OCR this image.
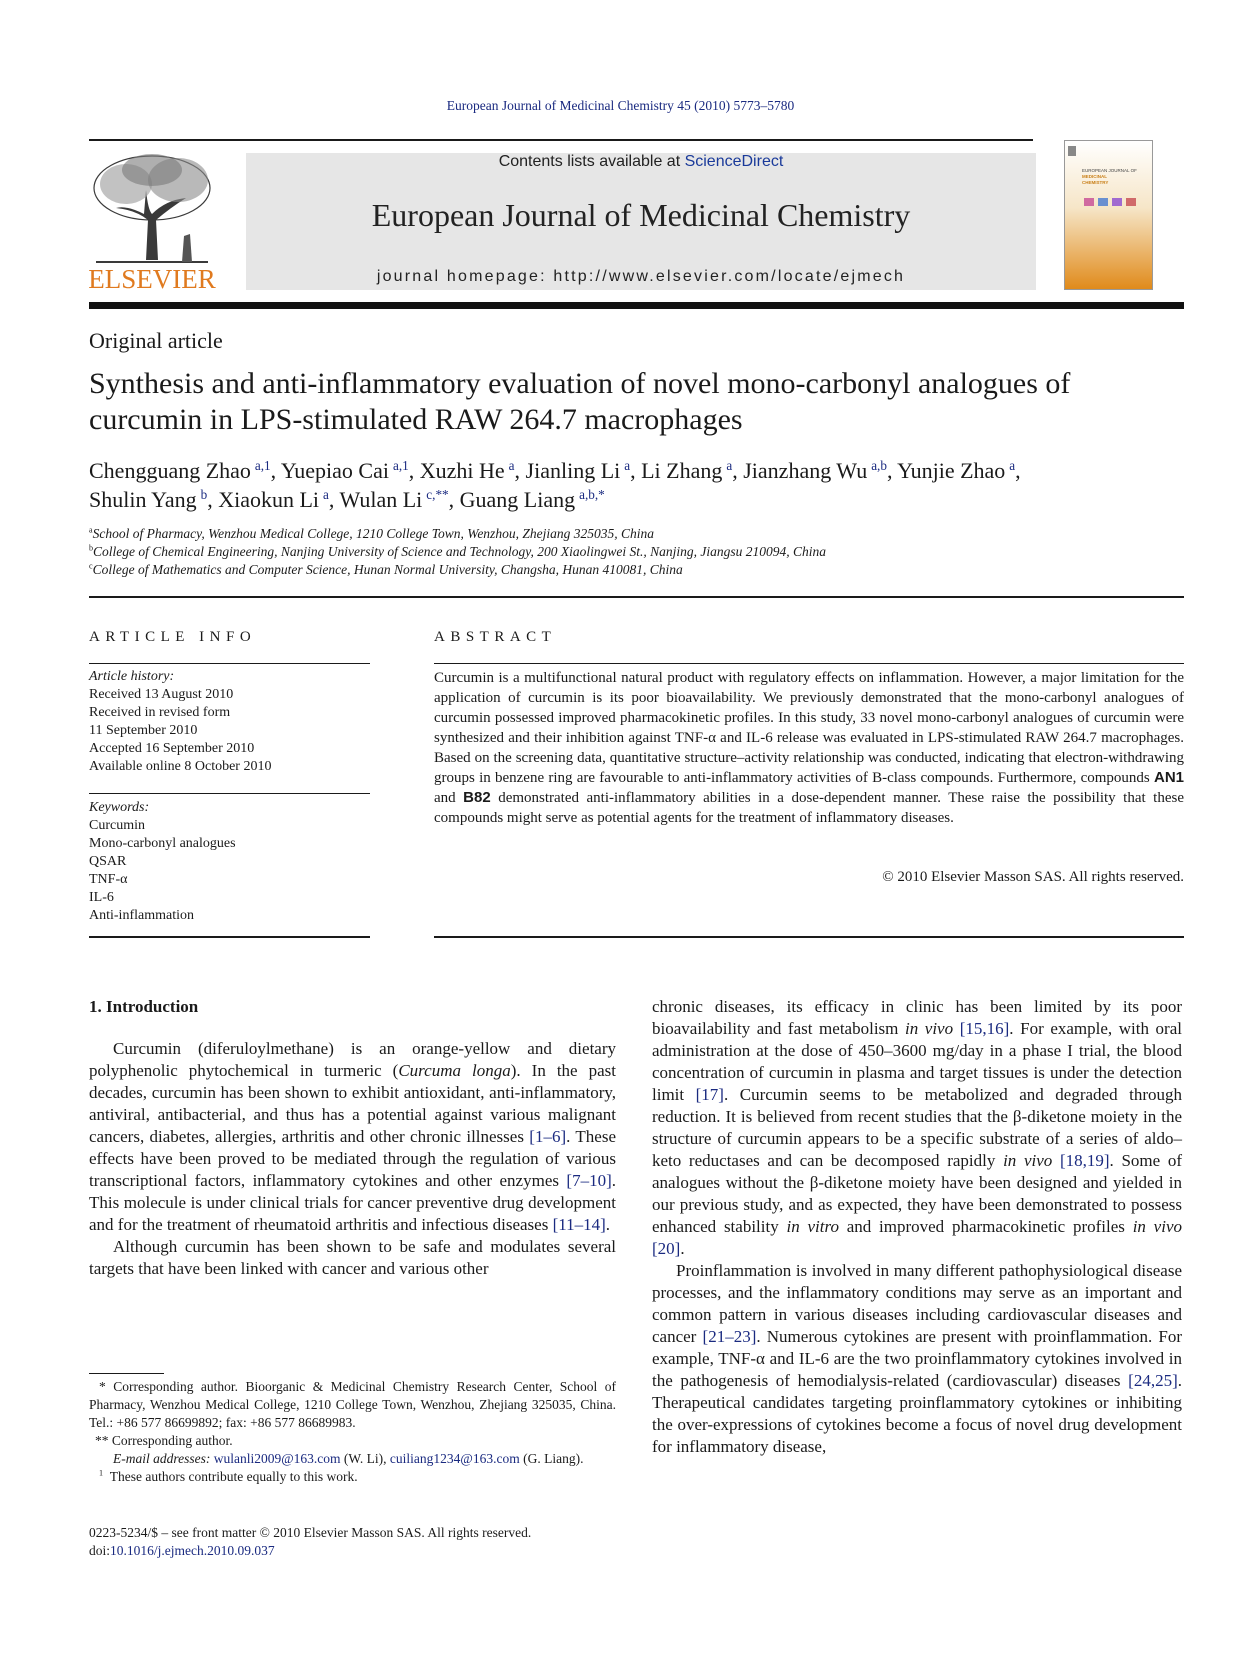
European Journal of Medicinal Chemistry 45 (2010) 5773–5780
ELSEVIER
Contents lists available at ScienceDirect
European Journal of Medicinal Chemistry
journal homepage: http://www.elsevier.com/locate/ejmech
EUROPEAN JOURNAL OF
MEDICINAL
CHEMISTRY
Original article
Synthesis and anti-inflammatory evaluation of novel mono-carbonyl analogues of curcumin in LPS-stimulated RAW 264.7 macrophages
Chengguang Zhao $^{a,1}$, Yuepiao Cai $^{a,1}$, Xuzhi He $^a$, Jianling Li $^a$, Li Zhang $^a$, Jianzhang Wu $^{a,b}$, Yunjie Zhao $^a$,
Shulin Yang $^b$, Xiaokun Li $^a$, Wulan Li $^{c,**}$, Guang Liang $^{a,b,*}$
$^a$School of Pharmacy, Wenzhou Medical College, 1210 College Town, Wenzhou, Zhejiang 325035, China
$^b$College of Chemical Engineering, Nanjing University of Science and Technology, 200 Xiaolingwei St., Nanjing, Jiangsu 210094, China
$^c$College of Mathematics and Computer Science, Hunan Normal University, Changsha, Hunan 410081, China
ARTICLE INFO	ABSTRACT
Article history:
Received 13 August 2010
Received in revised form
11 September 2010
Accepted 16 September 2010
Available online 8 October 2010
Keywords:
Curcumin
Mono-carbonyl analogues
QSAR
TNF-α
IL-6
Anti-inflammation
Curcumin is a multifunctional natural product with regulatory effects on inflammation. However, a major limitation for the application of curcumin is its poor bioavailability. We previously demonstrated that the mono-carbonyl analogues of curcumin possessed improved pharmacokinetic profiles. In this study, 33 novel mono-carbonyl analogues of curcumin were synthesized and their inhibition against TNF-α and IL-6 release was evaluated in LPS-stimulated RAW 264.7 macrophages. Based on the screening data, quantitative structure–activity relationship was conducted, indicating that electron-withdrawing groups in benzene ring are favourable to anti-inflammatory activities of B-class compounds. Furthermore, compounds AN1 and B82 demonstrated anti-inflammatory abilities in a dose-dependent manner. These raise the possibility that these compounds might serve as potential agents for the treatment of inflammatory diseases.
© 2010 Elsevier Masson SAS. All rights reserved.
1. Introduction

Curcumin (diferuloylmethane) is an orange-yellow and dietary polyphenolic phytochemical in turmeric (Curcuma longa). In the past decades, curcumin has been shown to exhibit antioxidant, anti-inflammatory, antiviral, antibacterial, and thus has a potential against various malignant cancers, diabetes, allergies, arthritis and other chronic illnesses [1–6]. These effects have been proved to be mediated through the regulation of various transcriptional factors, inflammatory cytokines and other enzymes [7–10]. This molecule is under clinical trials for cancer preventive drug development and for the treatment of rheumatoid arthritis and infectious diseases [11–14].

Although curcumin has been shown to be safe and modulates several targets that have been linked with cancer and various other

chronic diseases, its efficacy in clinic has been limited by its poor bioavailability and fast metabolism in vivo [15,16]. For example, with oral administration at the dose of 450–3600 mg/day in a phase I trial, the blood concentration of curcumin in plasma and target tissues is under the detection limit [17]. Curcumin seems to be metabolized and degraded through reduction. It is believed from recent studies that the β-diketone moiety in the structure of curcumin appears to be a specific substrate of a series of aldo–keto reductases and can be decomposed rapidly in vivo [18,19]. Some of analogues without the β-diketone moiety have been designed and yielded in our previous study, and as expected, they have been demonstrated to possess enhanced stability in vitro and improved pharmacokinetic profiles in vivo [20].

Proinflammation is involved in many different pathophysiological disease processes, and the inflammatory conditions may serve as an important and common pattern in various diseases including cardiovascular diseases and cancer [21–23]. Numerous cytokines are present with proinflammation. For example, TNF-α and IL-6 are the two proinflammatory cytokines involved in the pathogenesis of hemodialysis-related (cardiovascular) diseases [24,25]. Therapeutical candidates targeting proinflammatory cytokines or inhibiting the over-expressions of cytokines become a focus of novel drug development for inflammatory disease,

* Corresponding author. Bioorganic & Medicinal Chemistry Research Center, School of Pharmacy, Wenzhou Medical College, 1210 College Town, Wenzhou, Zhejiang 325035, China. Tel.: +86 577 86699892; fax: +86 577 86689983.
** Corresponding author.
E-mail addresses: wulanli2009@163.com (W. Li), cuiliang1234@163.com (G. Liang).
$^1$ These authors contribute equally to this work.
0223-5234/$ – see front matter © 2010 Elsevier Masson SAS. All rights reserved.
doi:10.1016/j.ejmech.2010.09.037
